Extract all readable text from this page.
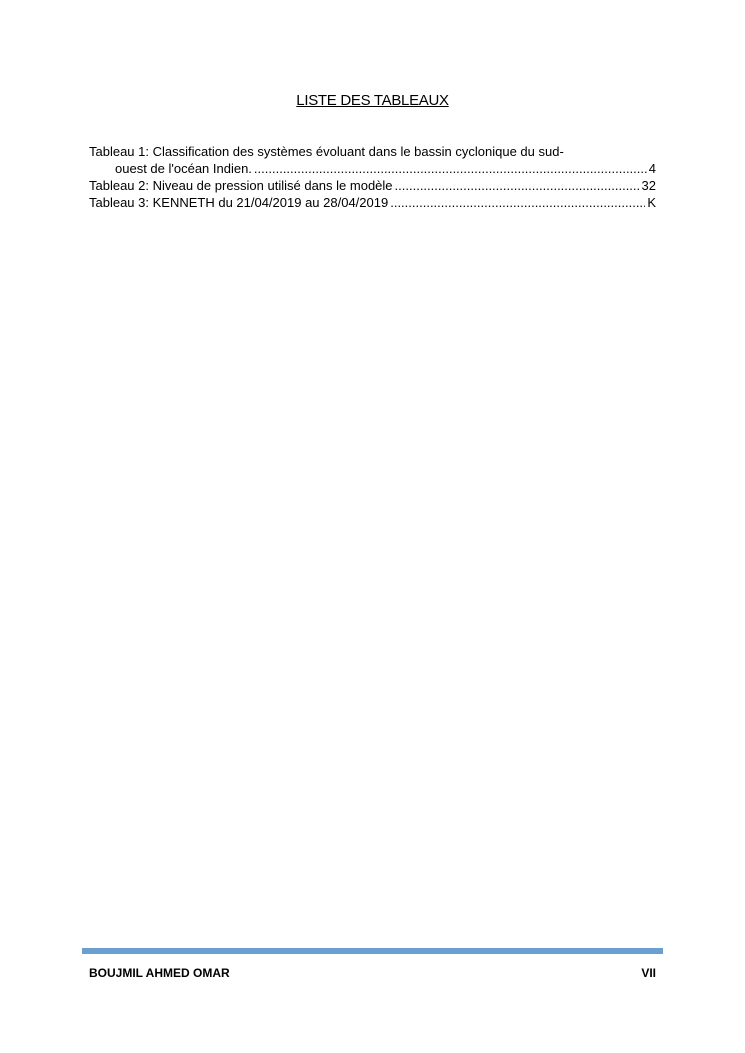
LISTE DES TABLEAUX
Tableau 1: Classification des systèmes évoluant dans le bassin cyclonique du sud-
ouest de l'océan Indien. .....	4
Tableau 2: Niveau de pression utilisé dans le modèle .....	32
Tableau 3: KENNETH du 21/04/2019 au 28/04/2019 .....	K
BOUJMIL AHMED OMAR	VII
